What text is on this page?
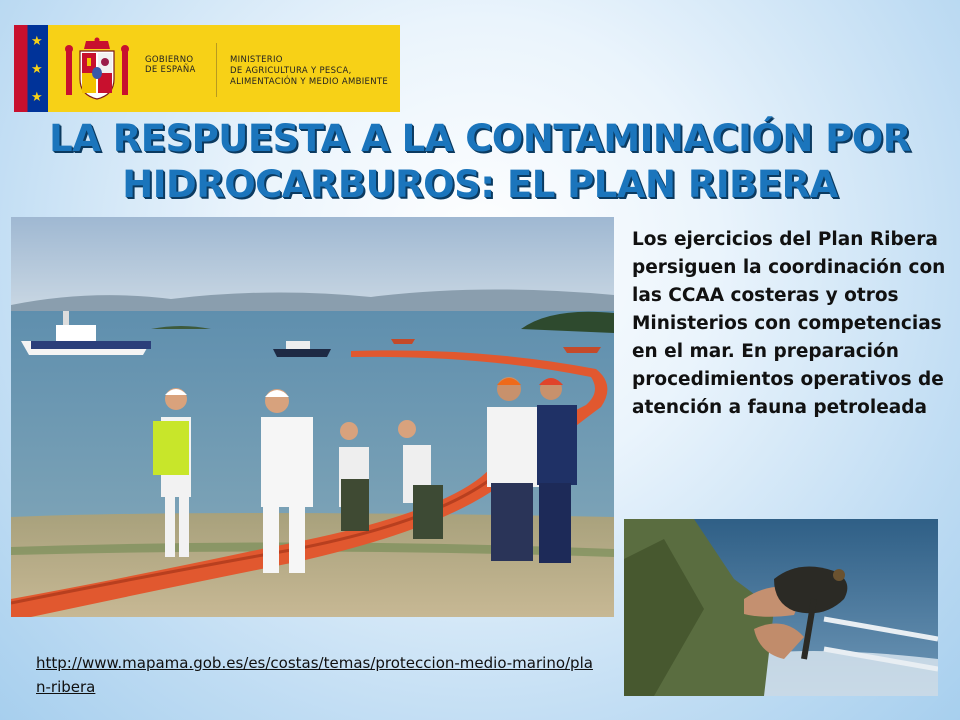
★
★
★
GOBIERNO
DE ESPAÑA
MINISTERIO
DE AGRICULTURA Y PESCA,
ALIMENTACIÓN Y MEDIO AMBIENTE
LA RESPUESTA A LA CONTAMINACIÓN POR
HIDROCARBUROS: EL PLAN RIBERA

Los ejercicios del Plan Ribera persiguen la coordinación con las CCAA costeras y otros Ministerios con competencias en el mar. En preparación procedimientos operativos de atención a fauna petroleada

http://www.mapama.gob.es/es/costas/temas/proteccion-medio-marino/plan-ribera
